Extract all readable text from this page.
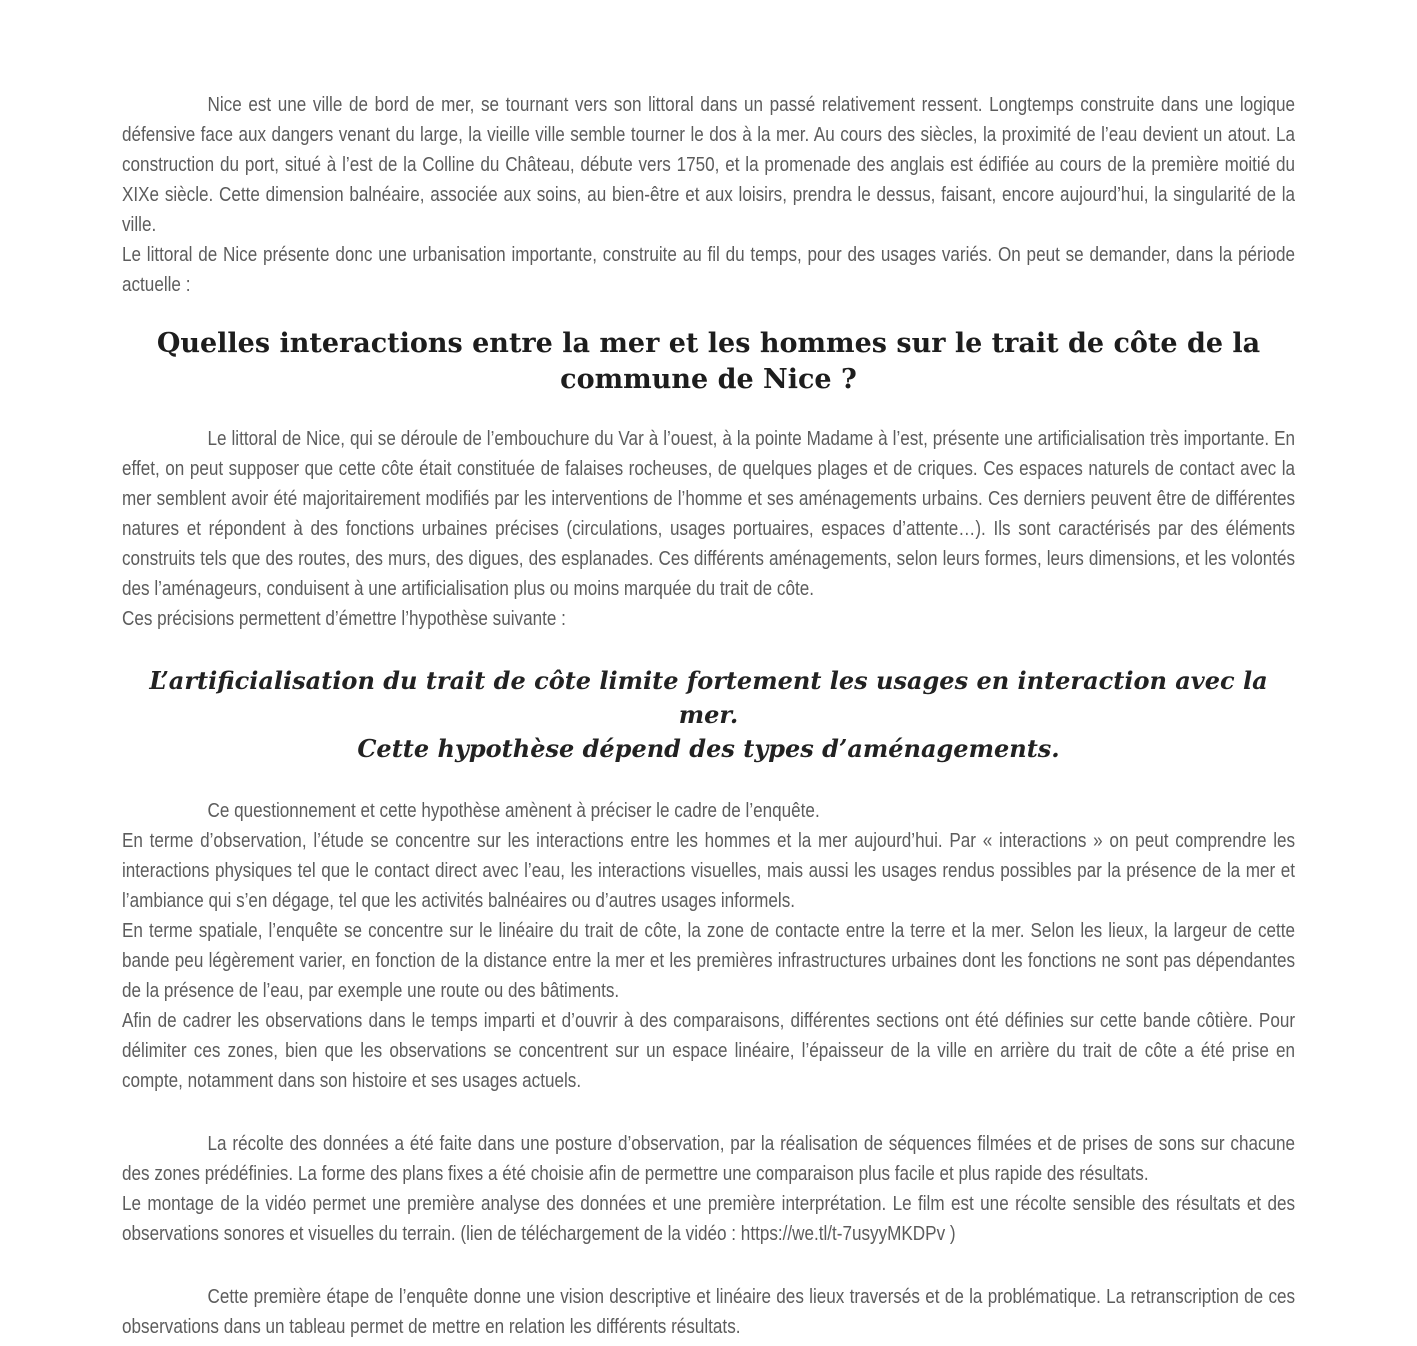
Nice est une ville de bord de mer, se tournant vers son littoral dans un passé relativement ressent. Longtemps construite dans une logique défensive face aux dangers venant du large, la vieille ville semble tourner le dos à la mer. Au cours des siècles, la proximité de l’eau devient un atout. La construction du port, situé à l’est de la Colline du Château, débute vers 1750, et la promenade des anglais est édifiée au cours de la première moitié du XIXe siècle. Cette dimension balnéaire, associée aux soins, au bien-être et aux loisirs, prendra le dessus, faisant, encore aujourd’hui, la singularité de la ville.

Le littoral de Nice présente donc une urbanisation importante, construite au fil du temps, pour des usages variés. On peut se demander, dans la période actuelle :

Quelles interactions entre la mer et les hommes sur le trait de côte de la commune de Nice ?

Le littoral de Nice, qui se déroule de l’embouchure du Var à l’ouest, à la pointe Madame à l’est, présente une artificialisation très importante. En effet, on peut supposer que cette côte était constituée de falaises rocheuses, de quelques plages et de criques. Ces espaces naturels de contact avec la mer semblent avoir été majoritairement modifiés par les interventions de l’homme et ses aménagements urbains. Ces derniers peuvent être de différentes natures et répondent à des fonctions urbaines précises (circulations, usages portuaires, espaces d’attente…). Ils sont caractérisés par des éléments construits tels que des routes, des murs, des digues, des esplanades. Ces différents aménagements, selon leurs formes, leurs dimensions, et les volontés des l’aménageurs, conduisent à une artificialisation plus ou moins marquée du trait de côte.

Ces précisions permettent d’émettre l’hypothèse suivante :

L’artificialisation du trait de côte limite fortement les usages en interaction avec la mer.
Cette hypothèse dépend des types d’aménagements.

Ce questionnement et cette hypothèse amènent à préciser le cadre de l’enquête.

En terme d’observation, l’étude se concentre sur les interactions entre les hommes et la mer aujourd’hui. Par « interactions » on peut comprendre les interactions physiques tel que le contact direct avec l’eau, les interactions visuelles, mais aussi les usages rendus possibles par la présence de la mer et l’ambiance qui s’en dégage, tel que les activités balnéaires ou d’autres usages informels.

En terme spatiale, l’enquête se concentre sur le linéaire du trait de côte, la zone de contacte entre la terre et la mer. Selon les lieux, la largeur de cette bande peu légèrement varier, en fonction de la distance entre la mer et les premières infrastructures urbaines dont les fonctions ne sont pas dépendantes de la présence de l’eau, par exemple une route ou des bâtiments.

Afin de cadrer les observations dans le temps imparti et d’ouvrir à des comparaisons, différentes sections ont été définies sur cette bande côtière. Pour délimiter ces zones, bien que les observations se concentrent sur un espace linéaire, l’épaisseur de la ville en arrière du trait de côte a été prise en compte, notamment dans son histoire et ses usages actuels.

La récolte des données a été faite dans une posture d’observation, par la réalisation de séquences filmées et de prises de sons sur chacune des zones prédéfinies. La forme des plans fixes a été choisie afin de permettre une comparaison plus facile et plus rapide des résultats.

Le montage de la vidéo permet une première analyse des données et une première interprétation. Le film est une récolte sensible des résultats et des observations sonores et visuelles du terrain. (lien de téléchargement de la vidéo : https://we.tl/t-7usyyMKDPv )

Cette première étape de l’enquête donne une vision descriptive et linéaire des lieux traversés et de la problématique. La retranscription de ces observations dans un tableau permet de mettre en relation les différents résultats.
